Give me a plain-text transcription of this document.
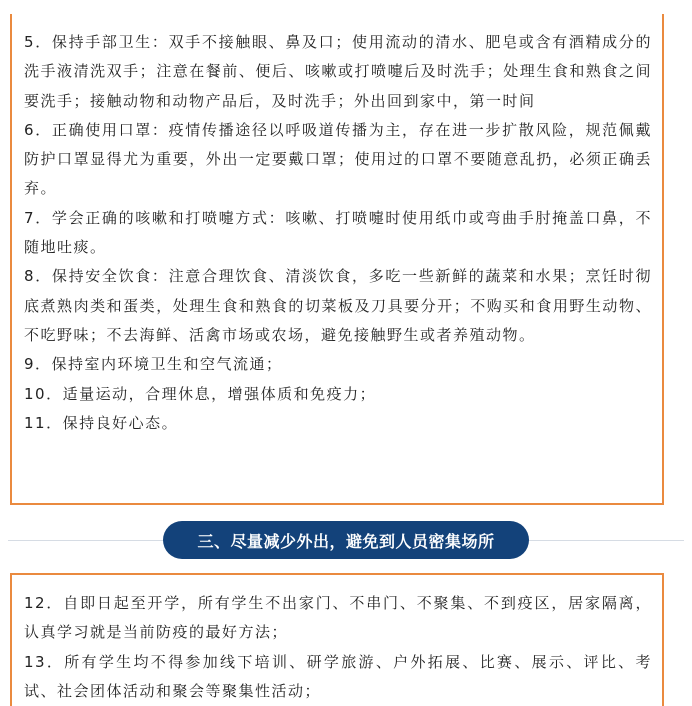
5．保持手部卫生：双手不接触眼、鼻及口；使用流动的清水、肥皂或含有酒精成分的洗手液清洗双手；注意在餐前、便后、咳嗽或打喷嚏后及时洗手；处理生食和熟食之间要洗手；接触动物和动物产品后，及时洗手；外出回到家中，第一时间

6．正确使用口罩：疫情传播途径以呼吸道传播为主，存在进一步扩散风险，规范佩戴防护口罩显得尤为重要，外出一定要戴口罩；使用过的口罩不要随意乱扔，必须正确丢弃。

7．学会正确的咳嗽和打喷嚏方式：咳嗽、打喷嚏时使用纸巾或弯曲手肘掩盖口鼻，不随地吐痰。

8．保持安全饮食：注意合理饮食、清淡饮食，多吃一些新鲜的蔬菜和水果；烹饪时彻底煮熟肉类和蛋类，处理生食和熟食的切菜板及刀具要分开；不购买和食用野生动物、不吃野味；不去海鲜、活禽市场或农场，避免接触野生或者养殖动物。

9．保持室内环境卫生和空气流通；

10．适量运动，合理休息，增强体质和免疫力；

11．保持良好心态。

三、尽量减少外出，避免到人员密集场所

12．自即日起至开学，所有学生不出家门、不串门、不聚集、不到疫区，居家隔离，认真学习就是当前防疫的最好方法；

13．所有学生均不得参加线下培训、研学旅游、户外拓展、比赛、展示、评比、考试、社会团体活动和聚会等聚集性活动；
